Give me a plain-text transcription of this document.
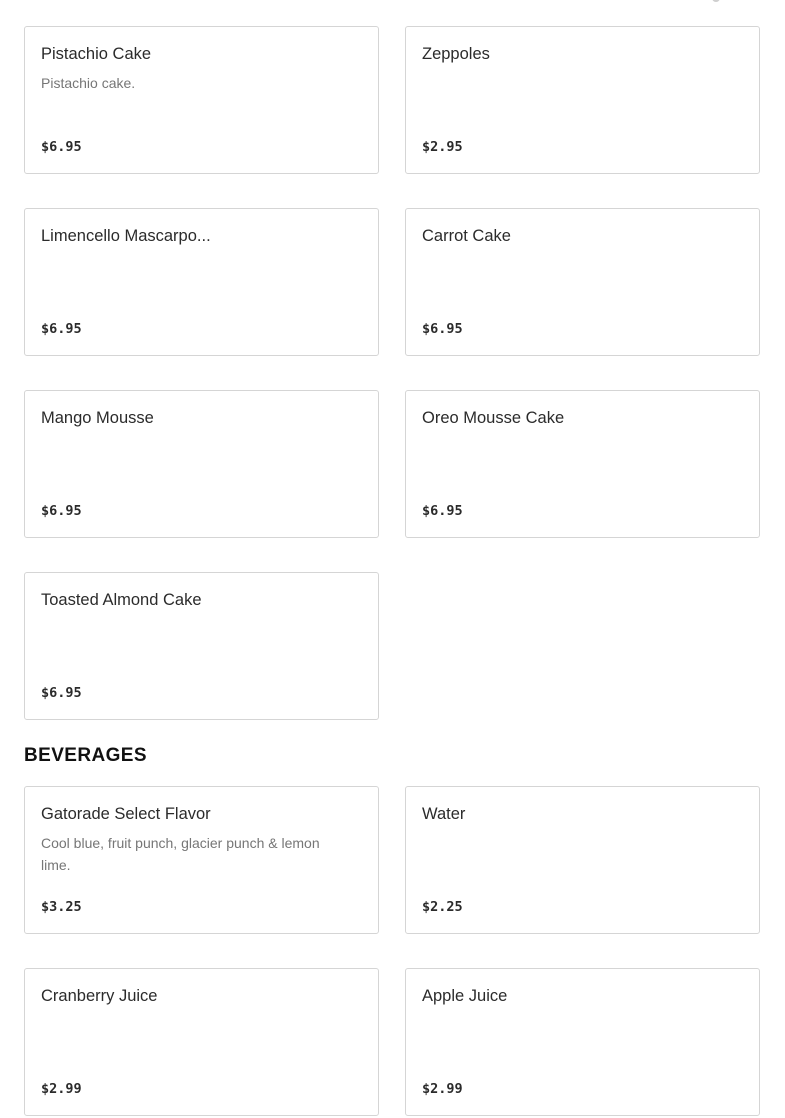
Pistachio Cake
Pistachio cake.
$6.95
Zeppoles
$2.95
Limencello Mascarpo...
$6.95
Carrot Cake
$6.95
Mango Mousse
$6.95
Oreo Mousse Cake
$6.95
Toasted Almond Cake
$6.95
BEVERAGES
Gatorade Select Flavor
Cool blue, fruit punch, glacier punch & lemon lime.
$3.25
Water
$2.25
Cranberry Juice
$2.99
Apple Juice
$2.99
